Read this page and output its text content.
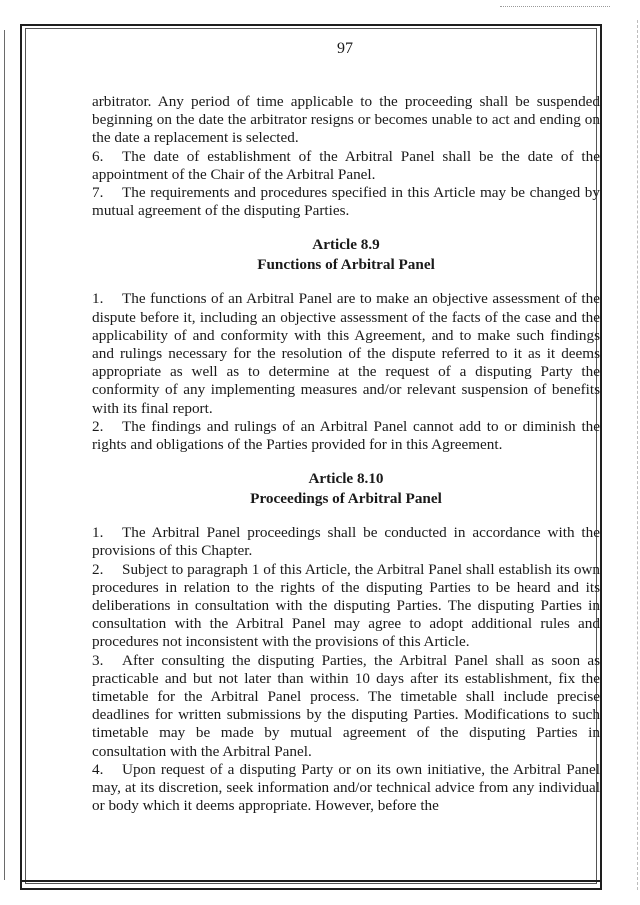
97

arbitrator. Any period of time applicable to the proceeding shall be suspended beginning on the date the arbitrator resigns or becomes unable to act and ending on the date a replacement is selected.

6. The date of establishment of the Arbitral Panel shall be the date of the appointment of the Chair of the Arbitral Panel.

7. The requirements and procedures specified in this Article may be changed by mutual agreement of the disputing Parties.

Article 8.9
Functions of Arbitral Panel

1. The functions of an Arbitral Panel are to make an objective assessment of the dispute before it, including an objective assessment of the facts of the case and the applicability of and conformity with this Agreement, and to make such findings and rulings necessary for the resolution of the dispute referred to it as it deems appropriate as well as to determine at the request of a disputing Party the conformity of any implementing measures and/or relevant suspension of benefits with its final report.

2. The findings and rulings of an Arbitral Panel cannot add to or diminish the rights and obligations of the Parties provided for in this Agreement.

Article 8.10
Proceedings of Arbitral Panel

1. The Arbitral Panel proceedings shall be conducted in accordance with the provisions of this Chapter.

2. Subject to paragraph 1 of this Article, the Arbitral Panel shall establish its own procedures in relation to the rights of the disputing Parties to be heard and its deliberations in consultation with the disputing Parties. The disputing Parties in consultation with the Arbitral Panel may agree to adopt additional rules and procedures not inconsistent with the provisions of this Article.

3. After consulting the disputing Parties, the Arbitral Panel shall as soon as practicable and but not later than within 10 days after its establishment, fix the timetable for the Arbitral Panel process. The timetable shall include precise deadlines for written submissions by the disputing Parties. Modifications to such timetable may be made by mutual agreement of the disputing Parties in consultation with the Arbitral Panel.

4. Upon request of a disputing Party or on its own initiative, the Arbitral Panel may, at its discretion, seek information and/or technical advice from any individual or body which it deems appropriate. However, before the
